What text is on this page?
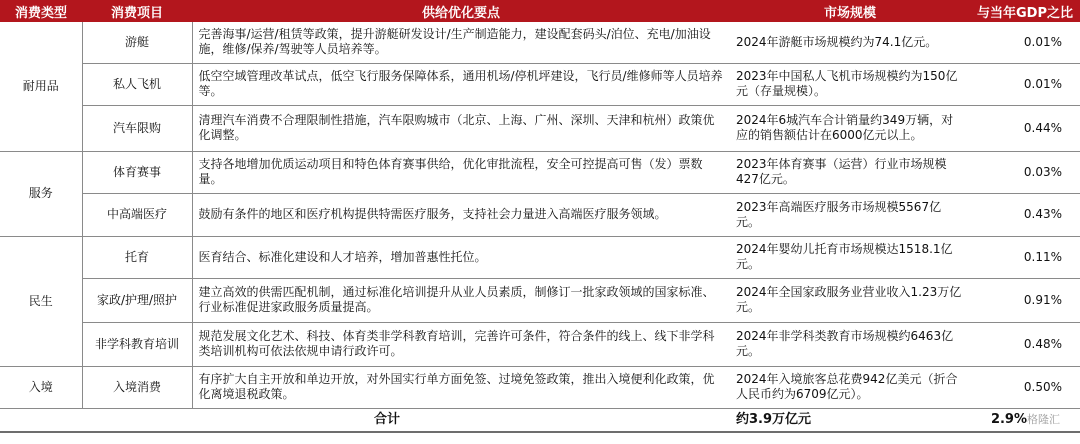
消费类型	消费项目	供给优化要点	市场规模	与当年GDP之比
耐用品	游艇	完善海事/运营/租赁等政策，提升游艇研发设计/生产制造能力，建设配套码头/泊位、充电/加油设施，维修/保养/驾驶等人员培养等。	2024年游艇市场规模约为74.1亿元。	0.01%
	私人飞机	低空空域管理改革试点，低空飞行服务保障体系，通用机场/停机坪建设，飞行员/维修师等人员培养等。	2023年中国私人飞机市场规模约为150亿元（存量规模）。	0.01%
	汽车限购	清理汽车消费不合理限制性措施，汽车限购城市（北京、上海、广州、深圳、天津和杭州）政策优化调整。	2024年6城汽车合计销量约349万辆，对应的销售额估计在6000亿元以上。	0.44%
服务	体育赛事	支持各地增加优质运动项目和特色体育赛事供给，优化审批流程，安全可控提高可售（发）票数量。	2023年体育赛事（运营）行业市场规模427亿元。	0.03%
	中高端医疗	鼓励有条件的地区和医疗机构提供特需医疗服务，支持社会力量进入高端医疗服务领域。	2023年高端医疗服务市场规模5567亿元。	0.43%
民生	托育	医育结合、标准化建设和人才培养，增加普惠性托位。	2024年婴幼儿托育市场规模达1518.1亿元。	0.11%
	家政/护理/照护	建立高效的供需匹配机制，通过标准化培训提升从业人员素质，制修订一批家政领域的国家标准、行业标准促进家政服务质量提高。	2024年全国家政服务业营业收入1.23万亿元。	0.91%
	非学科教育培训	规范发展文化艺术、科技、体育类非学科教育培训，完善许可条件，符合条件的线上、线下非学科类培训机构可依法依规申请行政许可。	2024年非学科类教育市场规模约6463亿元。	0.48%
入境	入境消费	有序扩大自主开放和单边开放，对外国实行单方面免签、过境免签政策，推出入境便利化政策，优化离境退税政策。	2024年入境旅客总花费942亿美元（折合人民币约为6709亿元）。	0.50%
合计			约3.9万亿元	2.9% 格隆汇
